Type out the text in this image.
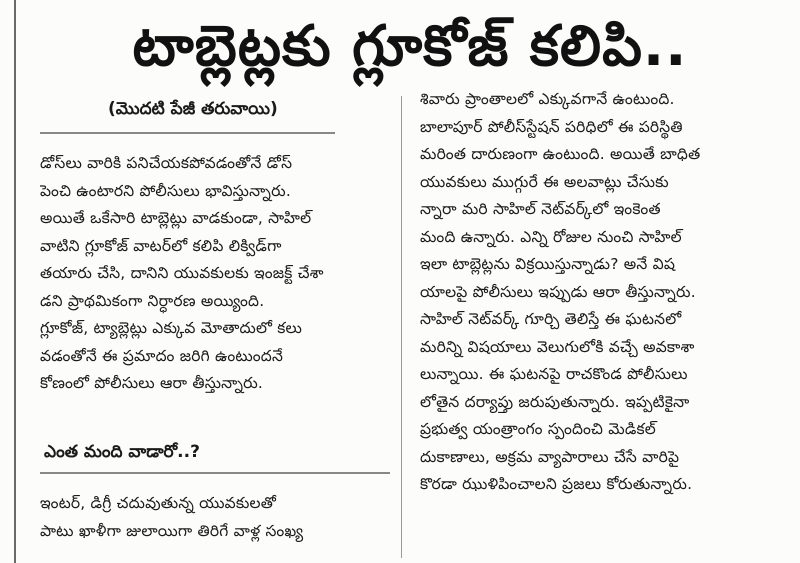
టాబ్లెట్లకు గ్లూకోజ్ కలిపి..
(మొదటి పేజీ తరువాయి)
డోస్‌లు వారికి పనిచేయకపోవడంతోనే డోస్
పెంచి ఉంటారని పోలీసులు భావిస్తున్నారు.
అయితే ఒకేసారి టాబ్లెట్లు వాడకుండా, సాహిల్
వాటిని గ్లూకోజ్ వాటర్‌లో కలిపి లిక్విడ్‌గా
తయారు చేసి, దానిని యువకులకు ఇంజక్ట్ చేశా
డని ప్రాథమికంగా నిర్ధారణ అయ్యింది.
గ్లూకోజ్, ట్యాబ్లెట్లు ఎక్కువ మోతాదులో కలు
వడంతోనే ఈ ప్రమాదం జరిగి ఉంటుందనే
కోణంలో పోలీసులు ఆరా తీస్తున్నారు.
ఎంత మంది వాడారో..?
ఇంటర్, డిగ్రీ చదువుతున్న యువకులతో
పాటు ఖాళీగా జులాయిగా తిరిగే వాళ్ల సంఖ్య
శివారు ప్రాంతాలలో ఎక్కువగానే ఉంటుంది.
బాలాపూర్ పోలీస్‌స్టేషన్ పరిధిలో ఈ పరిస్థితి
మరింత దారుణంగా ఉంటుంది. అయితే బాధిత
యువకులు ముగ్గురే ఈ అలవాట్లు చేసుకు
న్నారా మరి సాహిల్ నెట్‌వర్క్‌లో ఇంకెంత
మంది ఉన్నారు. ఎన్ని రోజుల నుంచి సాహిల్
ఇలా టాబ్లెట్లను విక్రయిస్తున్నాడు? అనే విష
యాలపై పోలీసులు ఇప్పుడు ఆరా తీస్తున్నారు.
సాహిల్ నెట్‌వర్క్ గూర్చి తెలిస్తే ఈ ఘటనలో
మరిన్ని విషయాలు వెలుగులోకి వచ్చే అవకాశా
లున్నాయి. ఈ ఘటనపై రాచకొండ పోలీసులు
లోతైన దర్యాప్తు జరుపుతున్నారు. ఇప్పటికైనా
ప్రభుత్వ యంత్రాంగం స్పందించి మెడికల్
దుకాణాలు, అక్రమ వ్యాపారాలు చేసే వారిపై
కొరడా ఝుళిపించాలని ప్రజలు కోరుతున్నారు.
